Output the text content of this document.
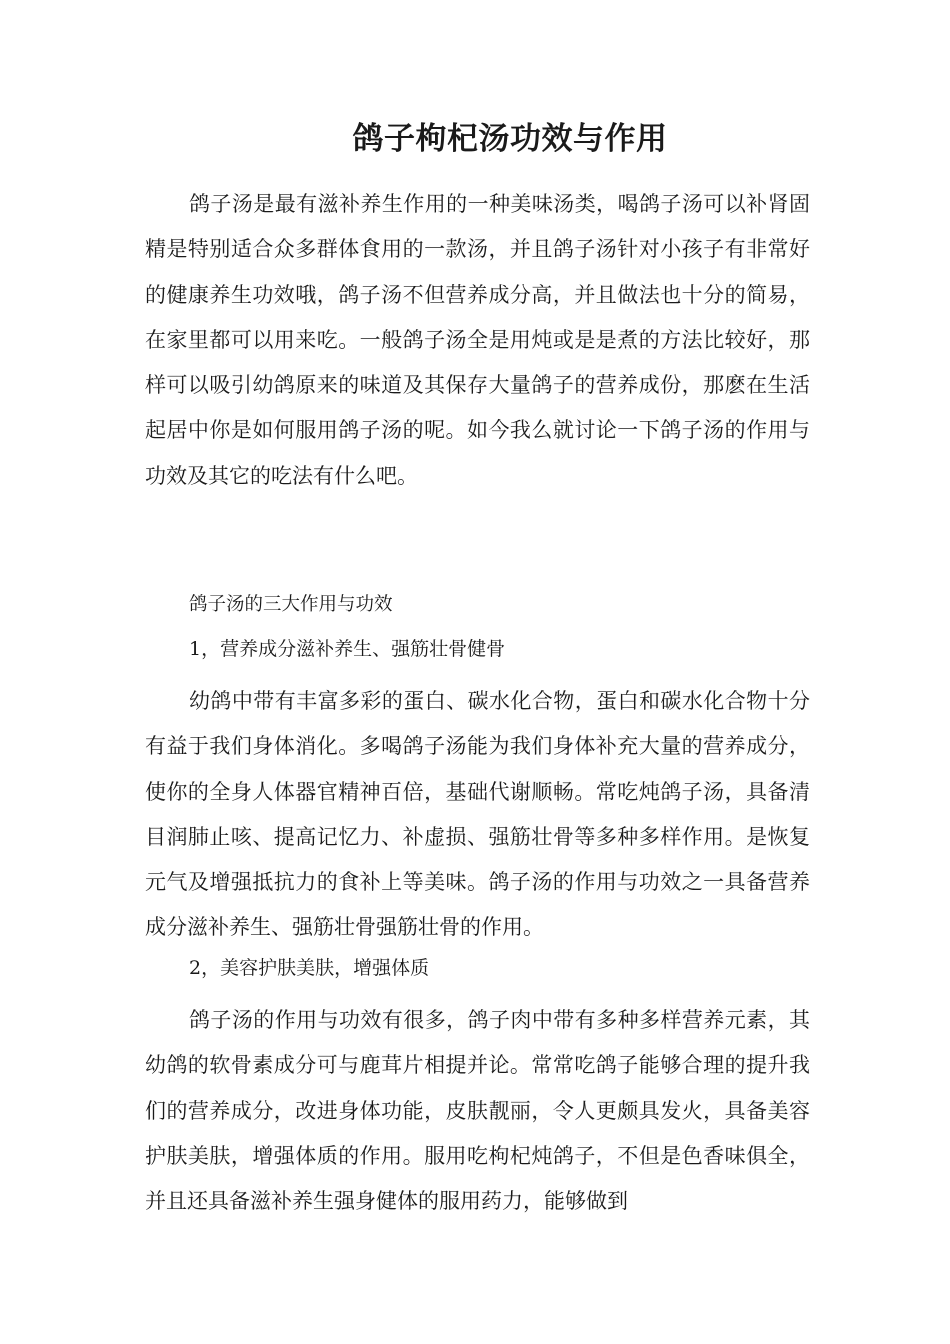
鸽子枸杞汤功效与作用

鸽子汤是最有滋补养生作用的一种美味汤类，喝鸽子汤可以补肾固精是特别适合众多群体食用的一款汤，并且鸽子汤针对小孩子有非常好的健康养生功效哦，鸽子汤不但营养成分高，并且做法也十分的简易，在家里都可以用来吃。一般鸽子汤全是用炖或是是煮的方法比较好，那样可以吸引幼鸽原来的味道及其保存大量鸽子的营养成份，那麽在生活起居中你是如何服用鸽子汤的呢。如今我么就讨论一下鸽子汤的作用与功效及其它的吃法有什么吧。

鸽子汤的三大作用与功效

1，营养成分滋补养生、强筋壮骨健骨

幼鸽中带有丰富多彩的蛋白、碳水化合物，蛋白和碳水化合物十分有益于我们身体消化。多喝鸽子汤能为我们身体补充大量的营养成分，使你的全身人体器官精神百倍，基础代谢顺畅。常吃炖鸽子汤，具备清目润肺止咳、提高记忆力、补虚损、强筋壮骨等多种多样作用。是恢复元气及增强抵抗力的食补上等美味。鸽子汤的作用与功效之一具备营养成分滋补养生、强筋壮骨强筋壮骨的作用。

2，美容护肤美肤，增强体质

鸽子汤的作用与功效有很多，鸽子肉中带有多种多样营养元素，其幼鸽的软骨素成分可与鹿茸片相提并论。常常吃鸽子能够合理的提升我们的营养成分，改进身体功能，皮肤靓丽，令人更颇具发火，具备美容护肤美肤，增强体质的作用。服用吃枸杞炖鸽子，不但是色香味俱全，并且还具备滋补养生强身健体的服用药力，能够做到
